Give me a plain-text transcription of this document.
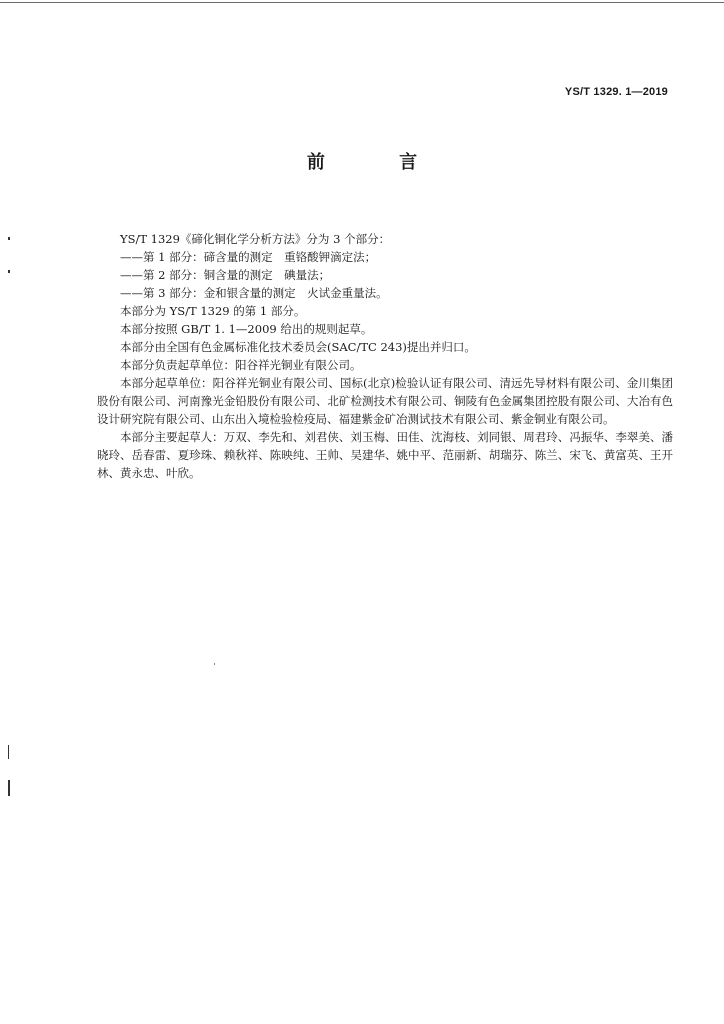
YS/T 1329. 1—2019
前 言

YS/T 1329《碲化铜化学分析方法》分为 3 个部分：

——第 1 部分：碲含量的测定　重铬酸钾滴定法；

——第 2 部分：铜含量的测定　碘量法；

——第 3 部分：金和银含量的测定　火试金重量法。

本部分为 YS/T 1329 的第 1 部分。

本部分按照 GB/T 1. 1—2009 给出的规则起草。

本部分由全国有色金属标准化技术委员会(SAC/TC 243)提出并归口。

本部分负责起草单位：阳谷祥光铜业有限公司。

本部分起草单位：阳谷祥光铜业有限公司、国标(北京)检验认证有限公司、清远先导材料有限公司、金川集团股份有限公司、河南豫光金铅股份有限公司、北矿检测技术有限公司、铜陵有色金属集团控股有限公司、大冶有色设计研究院有限公司、山东出入境检验检疫局、福建紫金矿冶测试技术有限公司、紫金铜业有限公司。

本部分主要起草人：万双、李先和、刘君侠、刘玉梅、田佳、沈海枝、刘同银、周君玲、冯振华、李翠美、潘晓玲、岳春雷、夏珍珠、赖秋祥、陈映纯、王帅、吴建华、姚中平、范丽新、胡瑞芬、陈兰、宋飞、黄富英、王开林、黄永忠、叶欣。
